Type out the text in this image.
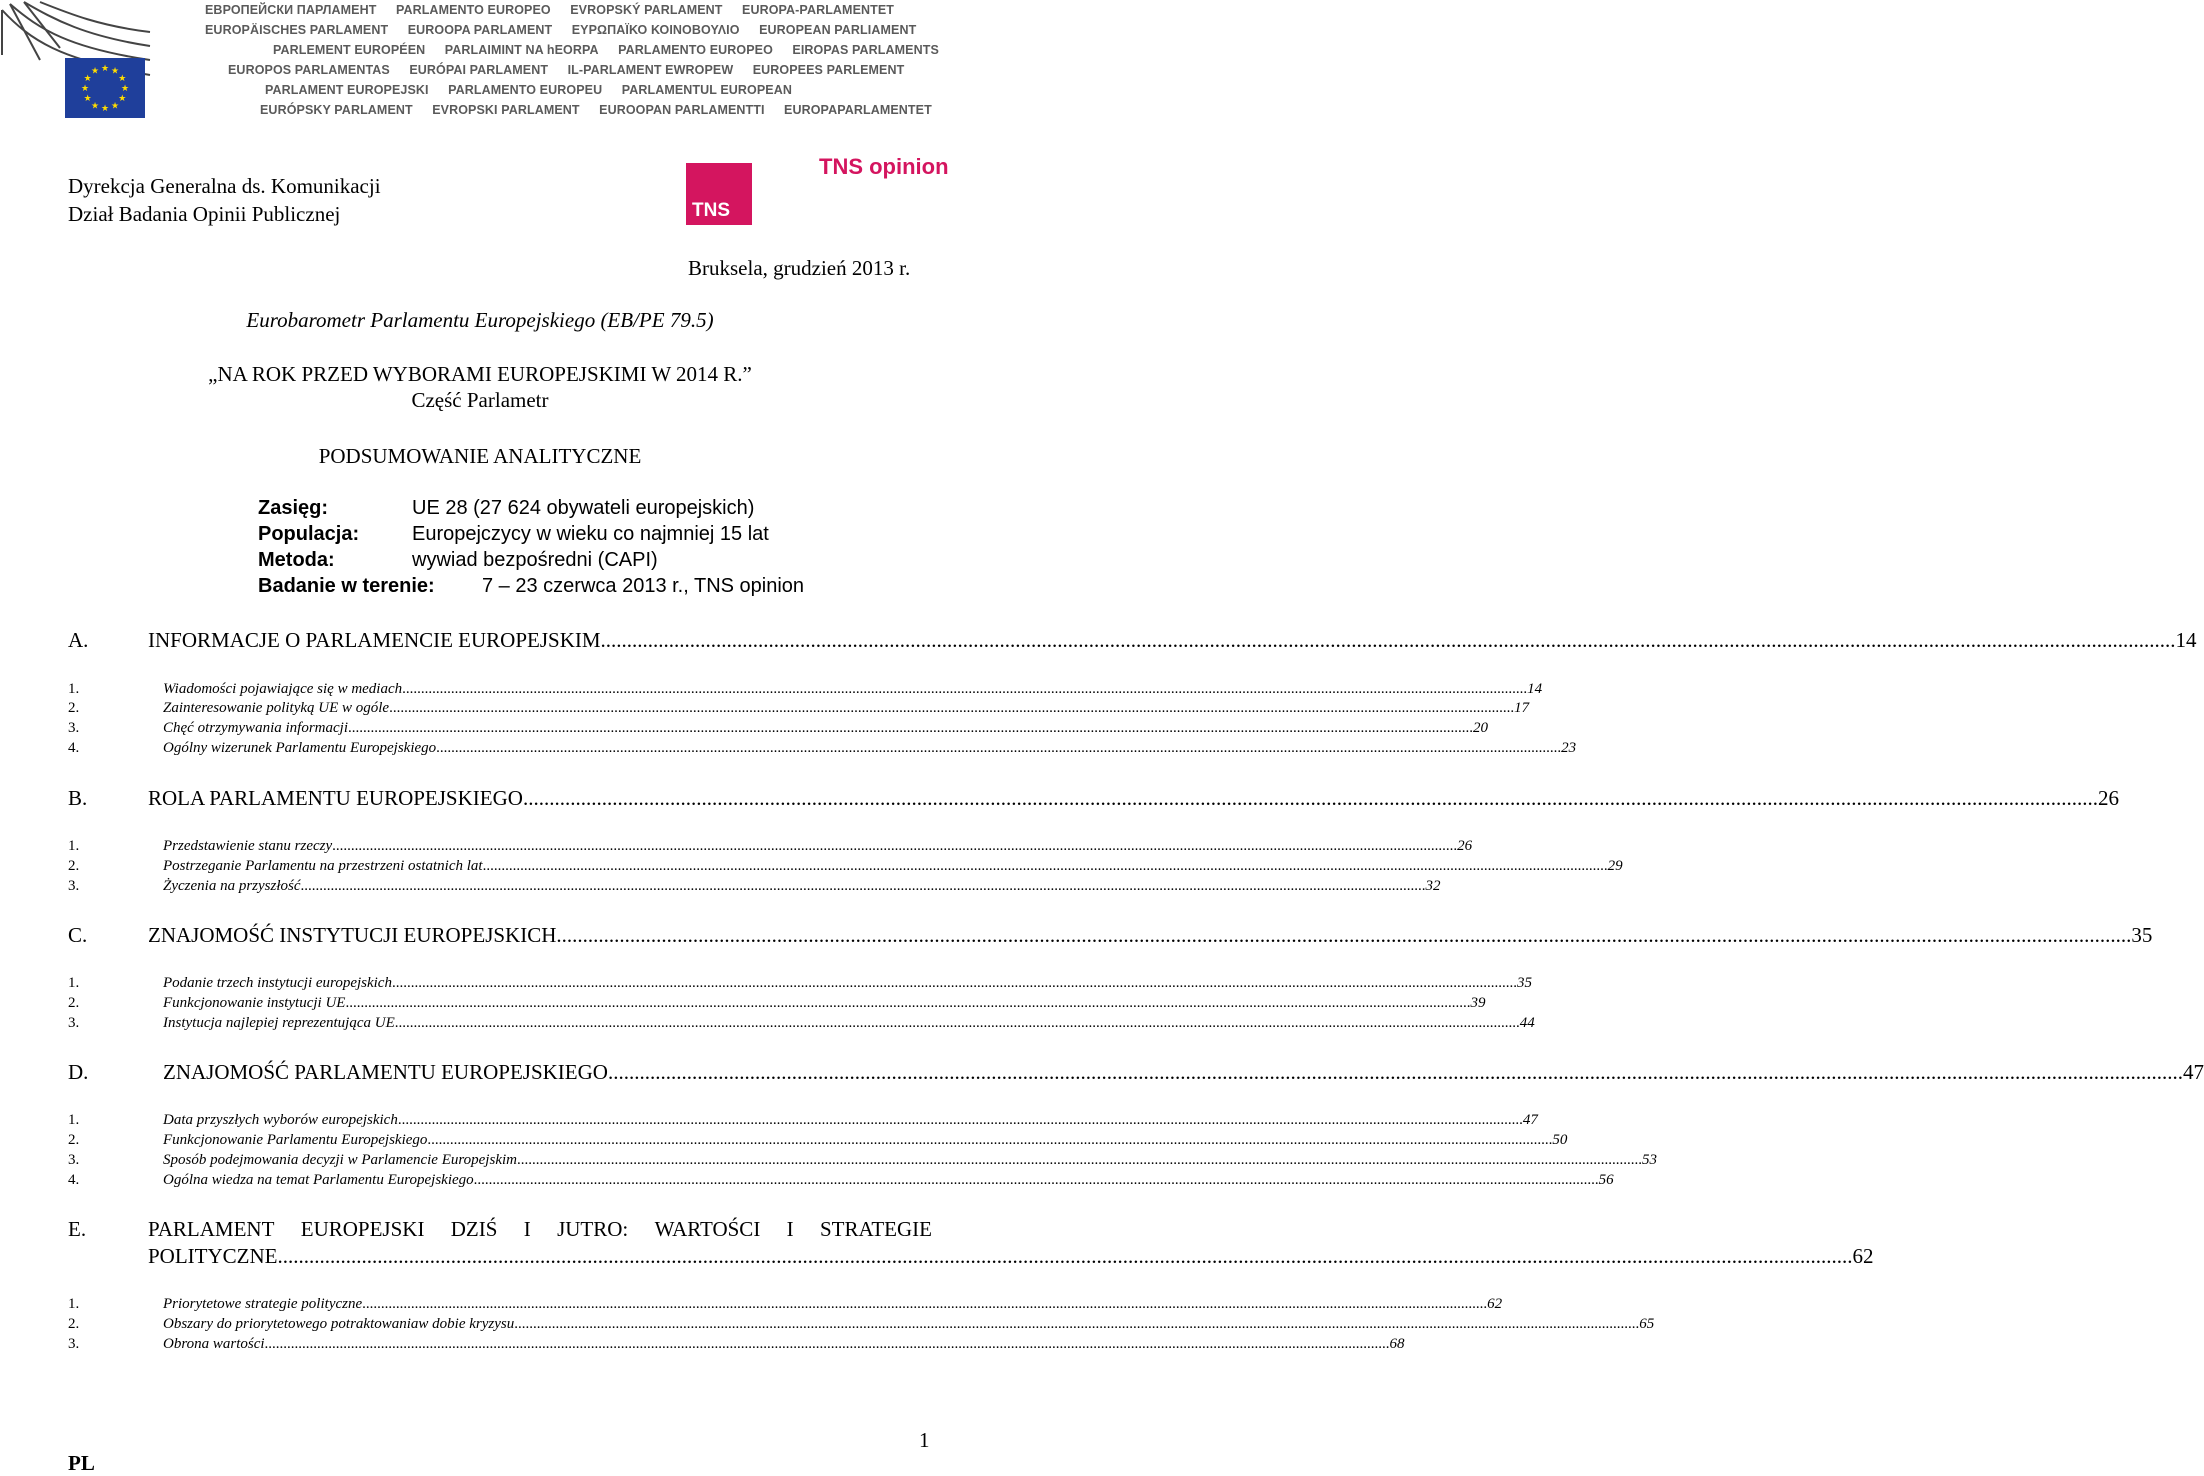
★
★
★
★
★
★
★
★
★ ★ ★
★
ЕВРОПЕЙСКИ ПАРЛАМЕНТ PARLAMENTO EUROPEO EVROPSKÝ PARLAMENT EUROPA-PARLAMENTET
EUROPÄISCHES PARLAMENT EUROOPA PARLAMENT ΕΥΡΩΠΑΪΚΟ ΚΟΙΝΟΒΟΥΛΙΟ EUROPEAN PARLIAMENT
PARLEMENT EUROPÉEN PARLAIMINT NA hEORPA PARLAMENTO EUROPEO EIROPAS PARLAMENTS
EUROPOS PARLAMENTAS EURÓPAI PARLAMENT IL-PARLAMENT EWROPEW EUROPEES PARLEMENT
PARLAMENT EUROPEJSKI PARLAMENTO EUROPEU PARLAMENTUL EUROPEAN
EURÓPSKY PARLAMENT EVROPSKI PARLAMENT EUROOPAN PARLAMENTTI EUROPAPARLAMENTET
Dyrekcja Generalna ds. Komunikacji
Dział Badania Opinii Publicznej	TNS
TNS opinion
Bruksela, grudzień 2013 r.
Eurobarometr Parlamentu Europejskiego (EB/PE 79.5)
„NA ROK PRZED WYBORAMI EUROPEJSKIMI W 2014 R.”
Część Parlametr
PODSUMOWANIE ANALITYCZNE
Zasięg:	UE 28 (27 624 obywateli europejskich)
Populacja:	Europejczycy w wieku co najmniej 15 lat
Metoda:	wywiad bezpośredni (CAPI)
Badanie w terenie: 7 – 23 czerwca 2013 r., TNS opinion
A.	INFORMACJE O PARLAMENCIE EUROPEJSKIM ............................................................................................................................................................................................................................................................................................................ 14
1.	Wiadomości pojawiające się w mediach ............................................................................................................................................................................................................................................................................................................ 14
2.	Zainteresowanie polityką UE w ogóle ............................................................................................................................................................................................................................................................................................................ 17
3.	Chęć otrzymywania informacji ............................................................................................................................................................................................................................................................................................................ 20
4.	Ogólny wizerunek Parlamentu Europejskiego ............................................................................................................................................................................................................................................................................................................ 23
B.	ROLA PARLAMENTU EUROPEJSKIEGO ............................................................................................................................................................................................................................................................................................................ 26
1.	Przedstawienie stanu rzeczy ............................................................................................................................................................................................................................................................................................................ 26
2.	Postrzeganie Parlamentu na przestrzeni ostatnich lat ............................................................................................................................................................................................................................................................................................................ 29
3.	Życzenia na przyszłość ............................................................................................................................................................................................................................................................................................................ 32
C.	ZNAJOMOŚĆ INSTYTUCJI EUROPEJSKICH ............................................................................................................................................................................................................................................................................................................ 35
1.	Podanie trzech instytucji europejskich ............................................................................................................................................................................................................................................................................................................ 35
2.	Funkcjonowanie instytucji UE ............................................................................................................................................................................................................................................................................................................ 39
3.	Instytucja najlepiej reprezentująca UE ............................................................................................................................................................................................................................................................................................................ 44
D.	ZNAJOMOŚĆ PARLAMENTU EUROPEJSKIEGO ............................................................................................................................................................................................................................................................................................................ 47
1.	Data przyszłych wyborów europejskich ............................................................................................................................................................................................................................................................................................................ 47
2.	Funkcjonowanie Parlamentu Europejskiego ............................................................................................................................................................................................................................................................................................................ 50
3.	Sposób podejmowania decyzji w Parlamencie Europejskim ............................................................................................................................................................................................................................................................................................................ 53
4.	Ogólna wiedza na temat Parlamentu Europejskiego ............................................................................................................................................................................................................................................................................................................ 56
E.	PARLAMENT EUROPEJSKI DZIŚ I JUTRO: WARTOŚCI I STRATEGIE
POLITYCZNE ............................................................................................................................................................................................................................................................................................................ 62
1.	Priorytetowe strategie polityczne ............................................................................................................................................................................................................................................................................................................ 62
2.	Obszary do priorytetowego potraktowaniaw dobie kryzysu ............................................................................................................................................................................................................................................................................................................ 65
3.	Obrona wartości ............................................................................................................................................................................................................................................................................................................ 68
PL
1
